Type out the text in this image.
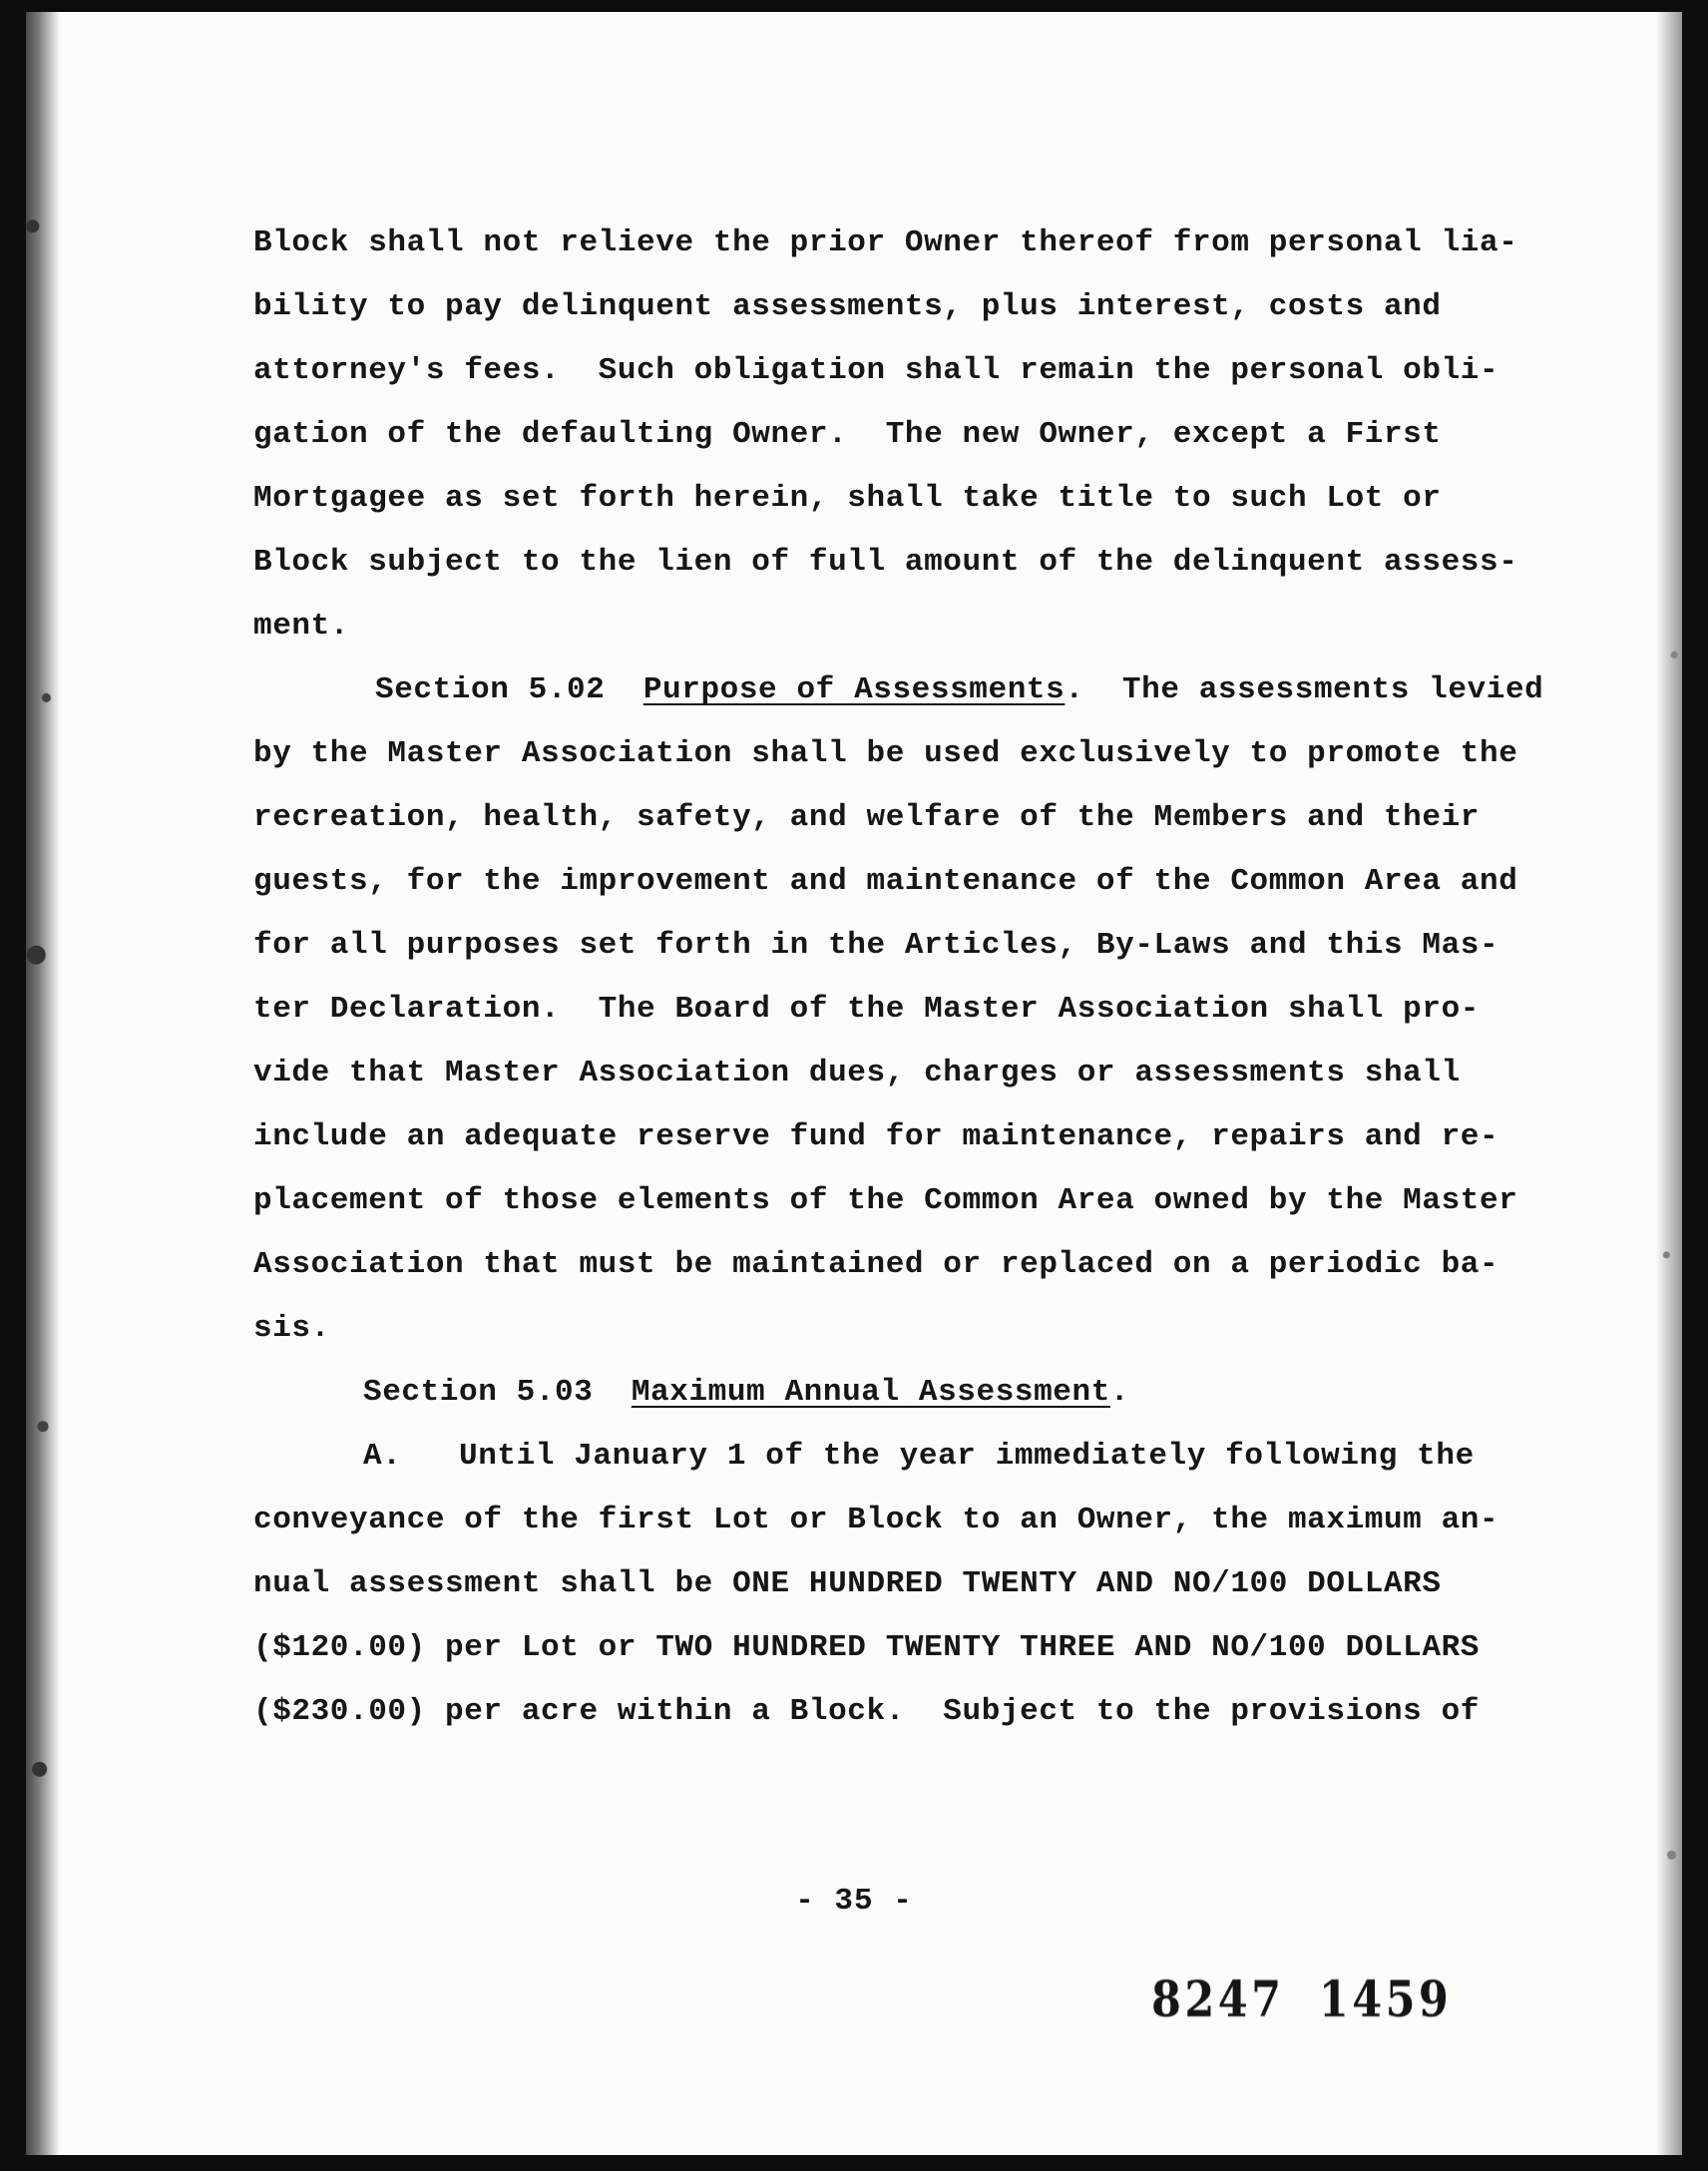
Block shall not relieve the prior Owner thereof from personal lia-
bility to pay delinquent assessments, plus interest, costs and
attorney's fees.  Such obligation shall remain the personal obli-
gation of the defaulting Owner.  The new Owner, except a First
Mortgagee as set forth herein, shall take title to such Lot or
Block subject to the lien of full amount of the delinquent assess-
ment.
Section 5.02 Purpose of Assessments.  The assessments levied
by the Master Association shall be used exclusively to promote the
recreation, health, safety, and welfare of the Members and their
guests, for the improvement and maintenance of the Common Area and
for all purposes set forth in the Articles, By-Laws and this Mas-
ter Declaration.  The Board of the Master Association shall pro-
vide that Master Association dues, charges or assessments shall
include an adequate reserve fund for maintenance, repairs and re-
placement of those elements of the Common Area owned by the Master
Association that must be maintained or replaced on a periodic ba-
sis.
Section 5.03 Maximum Annual Assessment.
A. Until January 1 of the year immediately following the
conveyance of the first Lot or Block to an Owner, the maximum an-
nual assessment shall be ONE HUNDRED TWENTY AND NO/100 DOLLARS
($120.00) per Lot or TWO HUNDRED TWENTY THREE AND NO/100 DOLLARS
($230.00) per acre within a Block.  Subject to the provisions of
- 35 -
8247 1459
